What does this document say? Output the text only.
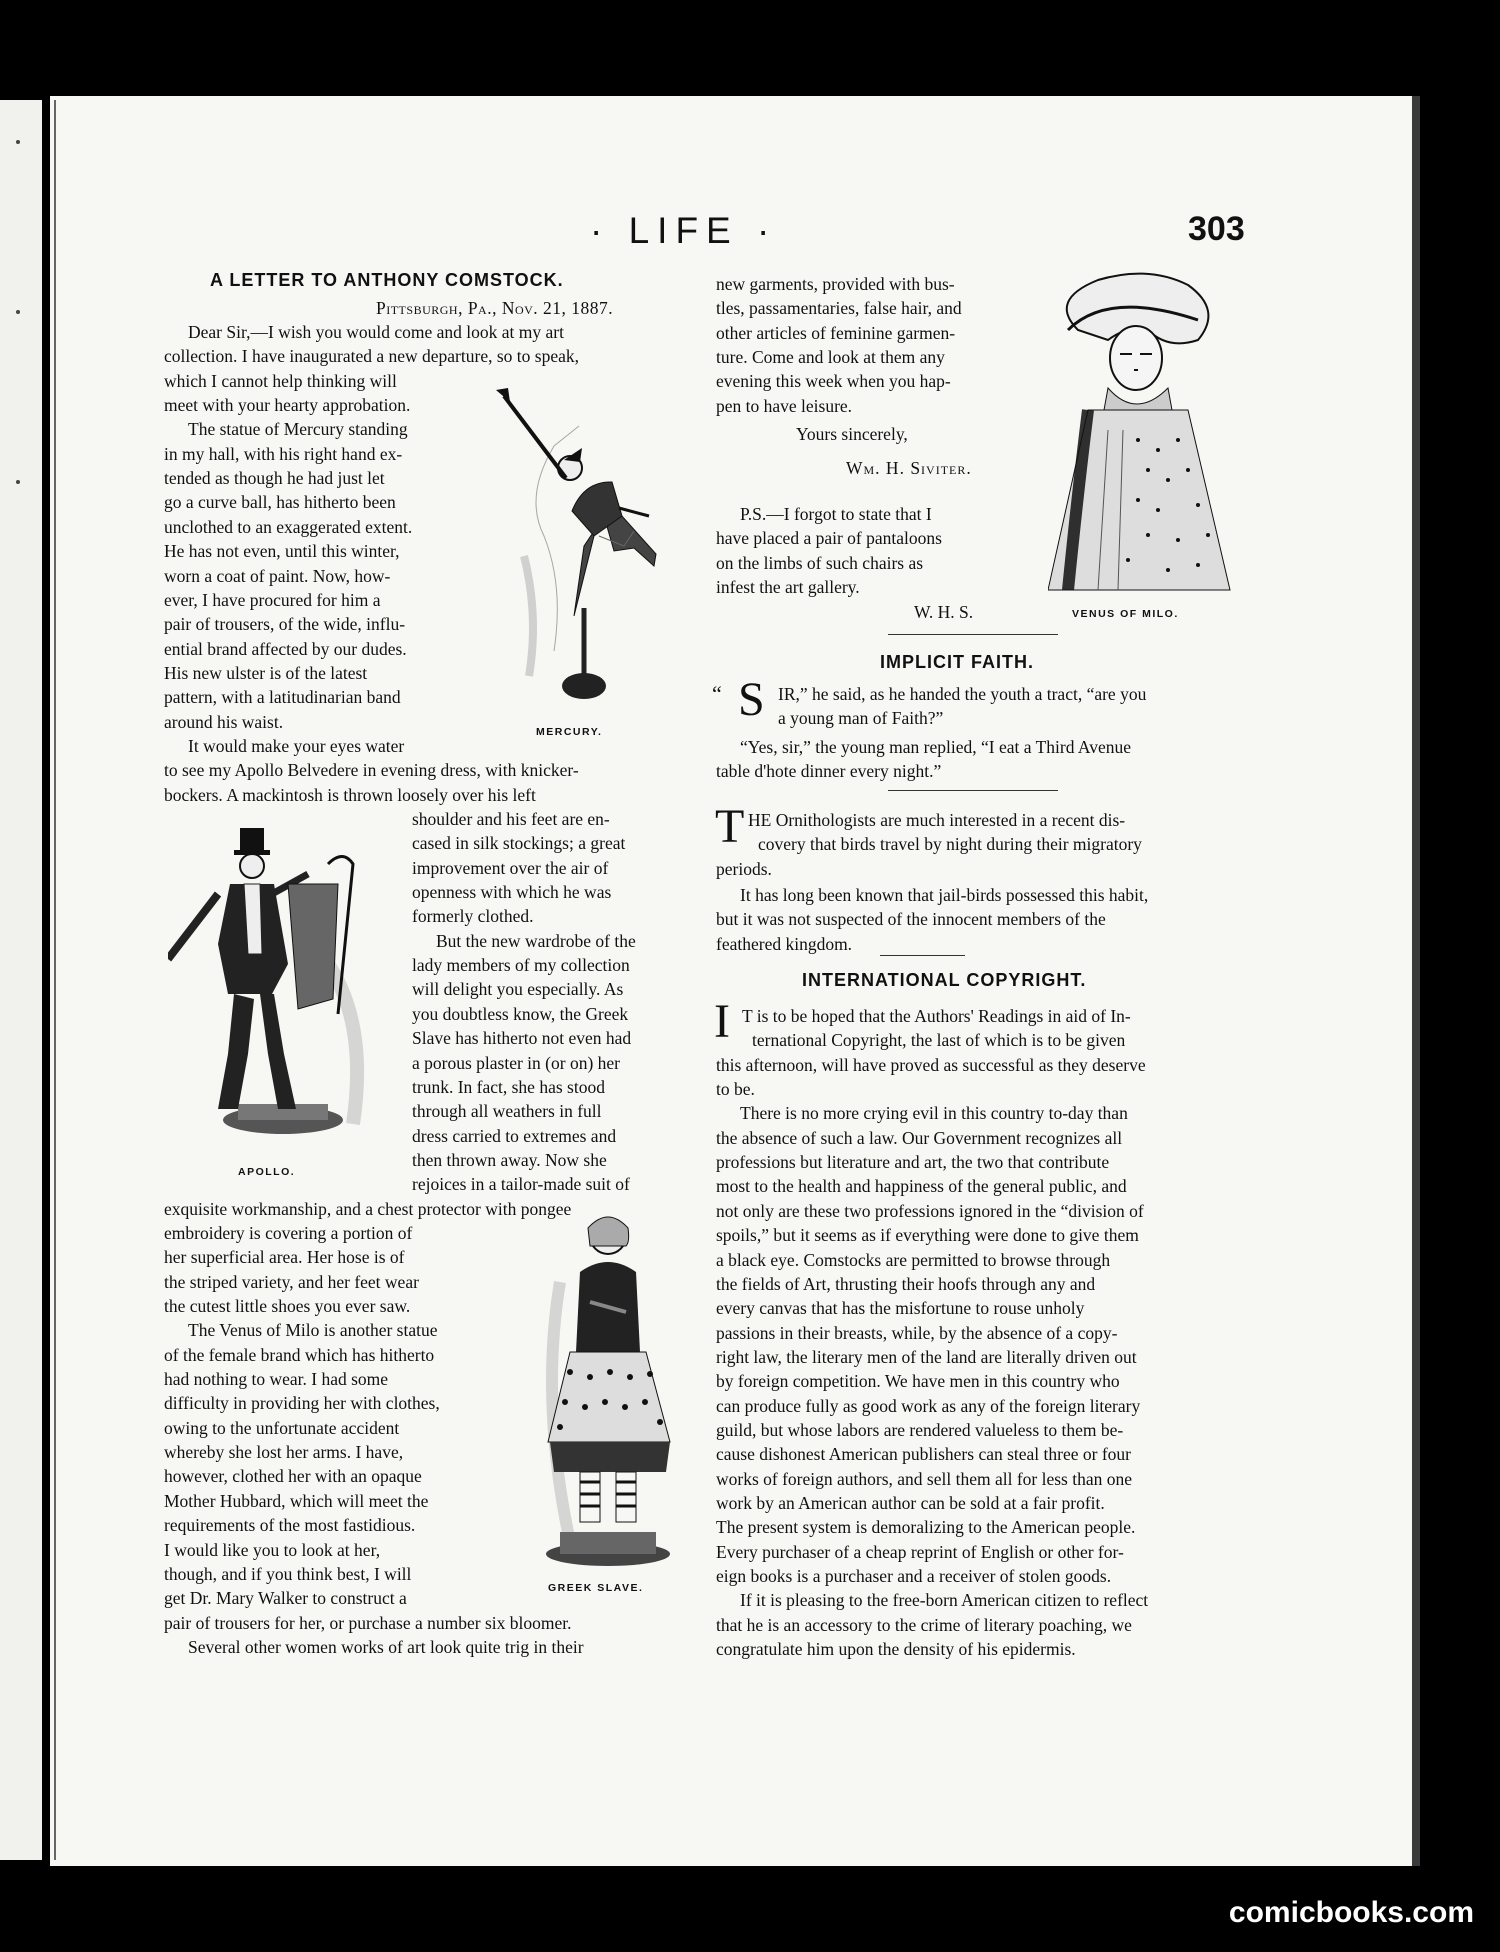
· LIFE ·	303
A LETTER TO ANTHONY COMSTOCK.
Pittsburgh, Pa., Nov. 21, 1887.
Dear Sir,—I wish you would come and look at my art
collection. I have inaugurated a new departure, so to speak,
which I cannot help thinking will
meet with your hearty approbation.
The statue of Mercury standing
in my hall, with his right hand ex-
tended as though he had just let
go a curve ball, has hitherto been
unclothed to an exaggerated extent.
He has not even, until this winter,
worn a coat of paint. Now, how-
ever, I have procured for him a
pair of trousers, of the wide, influ-
ential brand affected by our dudes.
His new ulster is of the latest
pattern, with a latitudinarian band
around his waist.
It would make your eyes water
to see my Apollo Belvedere in evening dress, with knicker-
bockers. A mackintosh is thrown loosely over his left
shoulder and his feet are en-
cased in silk stockings; a great
improvement over the air of
openness with which he was
formerly clothed.
But the new wardrobe of the
lady members of my collection
will delight you especially. As
you doubtless know, the Greek
Slave has hitherto not even had
a porous plaster in (or on) her
trunk. In fact, she has stood
through all weathers in full
dress carried to extremes and
then thrown away. Now she
rejoices in a tailor-made suit of
exquisite workmanship, and a chest protector with pongee
embroidery is covering a portion of
her superficial area. Her hose is of
the striped variety, and her feet wear
the cutest little shoes you ever saw.
The Venus of Milo is another statue
of the female brand which has hitherto
had nothing to wear. I had some
difficulty in providing her with clothes,
owing to the unfortunate accident
whereby she lost her arms. I have,
however, clothed her with an opaque
Mother Hubbard, which will meet the
requirements of the most fastidious.
I would like you to look at her,
though, and if you think best, I will
get Dr. Mary Walker to construct a
pair of trousers for her, or purchase a number six bloomer.
Several other women works of art look quite trig in their
MERCURY.
APOLLO.
GREEK SLAVE.
new garments, provided with bus-
tles, passamentaries, false hair, and
other articles of feminine garmen-
ture. Come and look at them any
evening this week when you hap-
pen to have leisure.
Yours sincerely,
Wm. H. Siviter.
P.S.—I forgot to state that I
have placed a pair of pantaloons
on the limbs of such chairs as
infest the art gallery.
W. H. S.	VENUS OF MILO.
IMPLICIT FAITH.
“ S IR,” he said, as he handed the youth a tract, “are you
a young man of Faith?”
“Yes, sir,” the young man replied, “I eat a Third Avenue
table d'hote dinner every night.”
T HE Ornithologists are much interested in a recent dis-
covery that birds travel by night during their migratory
periods.
It has long been known that jail-birds possessed this habit,
but it was not suspected of the innocent members of the
feathered kingdom.
INTERNATIONAL COPYRIGHT.
I T is to be hoped that the Authors' Readings in aid of In-
ternational Copyright, the last of which is to be given
this afternoon, will have proved as successful as they deserve
to be.
There is no more crying evil in this country to-day than
the absence of such a law. Our Government recognizes all
professions but literature and art, the two that contribute
most to the health and happiness of the general public, and
not only are these two professions ignored in the “division of
spoils,” but it seems as if everything were done to give them
a black eye. Comstocks are permitted to browse through
the fields of Art, thrusting their hoofs through any and
every canvas that has the misfortune to rouse unholy
passions in their breasts, while, by the absence of a copy-
right law, the literary men of the land are literally driven out
by foreign competition. We have men in this country who
can produce fully as good work as any of the foreign literary
guild, but whose labors are rendered valueless to them be-
cause dishonest American publishers can steal three or four
works of foreign authors, and sell them all for less than one
work by an American author can be sold at a fair profit.
The present system is demoralizing to the American people.
Every purchaser of a cheap reprint of English or other for-
eign books is a purchaser and a receiver of stolen goods.
If it is pleasing to the free-born American citizen to reflect
that he is an accessory to the crime of literary poaching, we
congratulate him upon the density of his epidermis.
comicbooks.com
